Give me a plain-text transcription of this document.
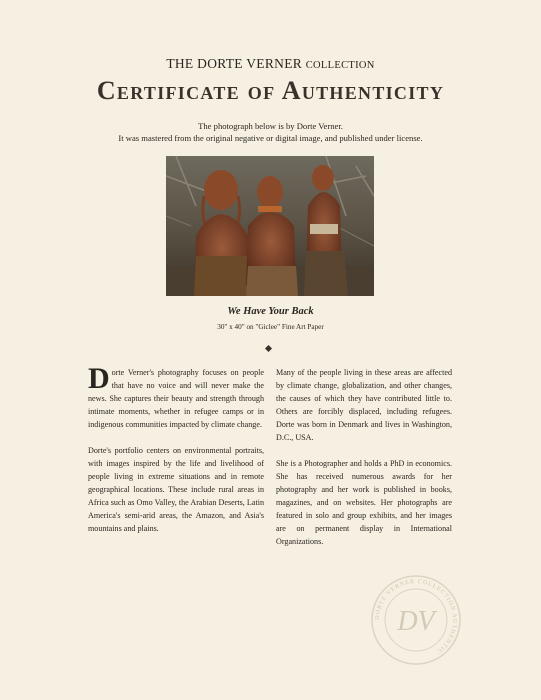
THE DORTE VERNER COLLECTION
Certificate of Authenticity
The photograph below is by Dorte Verner.
It was mastered from the original negative or digital image, and published under license.
We Have Your Back
30" x 40" on "Giclee" Fine Art Paper

Dorte Verner's photography focuses on people that have no voice and will never make the news. She captures their beauty and strength through intimate moments, whether in refugee camps or in indigenous communities impacted by climate change.

Dorte's portfolio centers on environmental portraits, with images inspired by the life and livelihood of people living in extreme situations and in remote geographical locations. These include rural areas in Africa such as Omo Valley, the Arabian Deserts, Latin America's semi-arid areas, the Amazon, and Asia's mountains and plains.

Many of the people living in these areas are affected by climate change, globalization, and other changes, the causes of which they have contributed little to. Others are forcibly displaced, including refugees. Dorte was born in Denmark and lives in Washington, D.C., USA.

She is a Photographer and holds a PhD in economics. She has received numerous awards for her photography and her work is published in books, magazines, and on websites. Her photographs are featured in solo and group exhibits, and her images are on permanent display in International Organizations.

DORTE VERNER COLLECTION AUTHENTIC
DV
